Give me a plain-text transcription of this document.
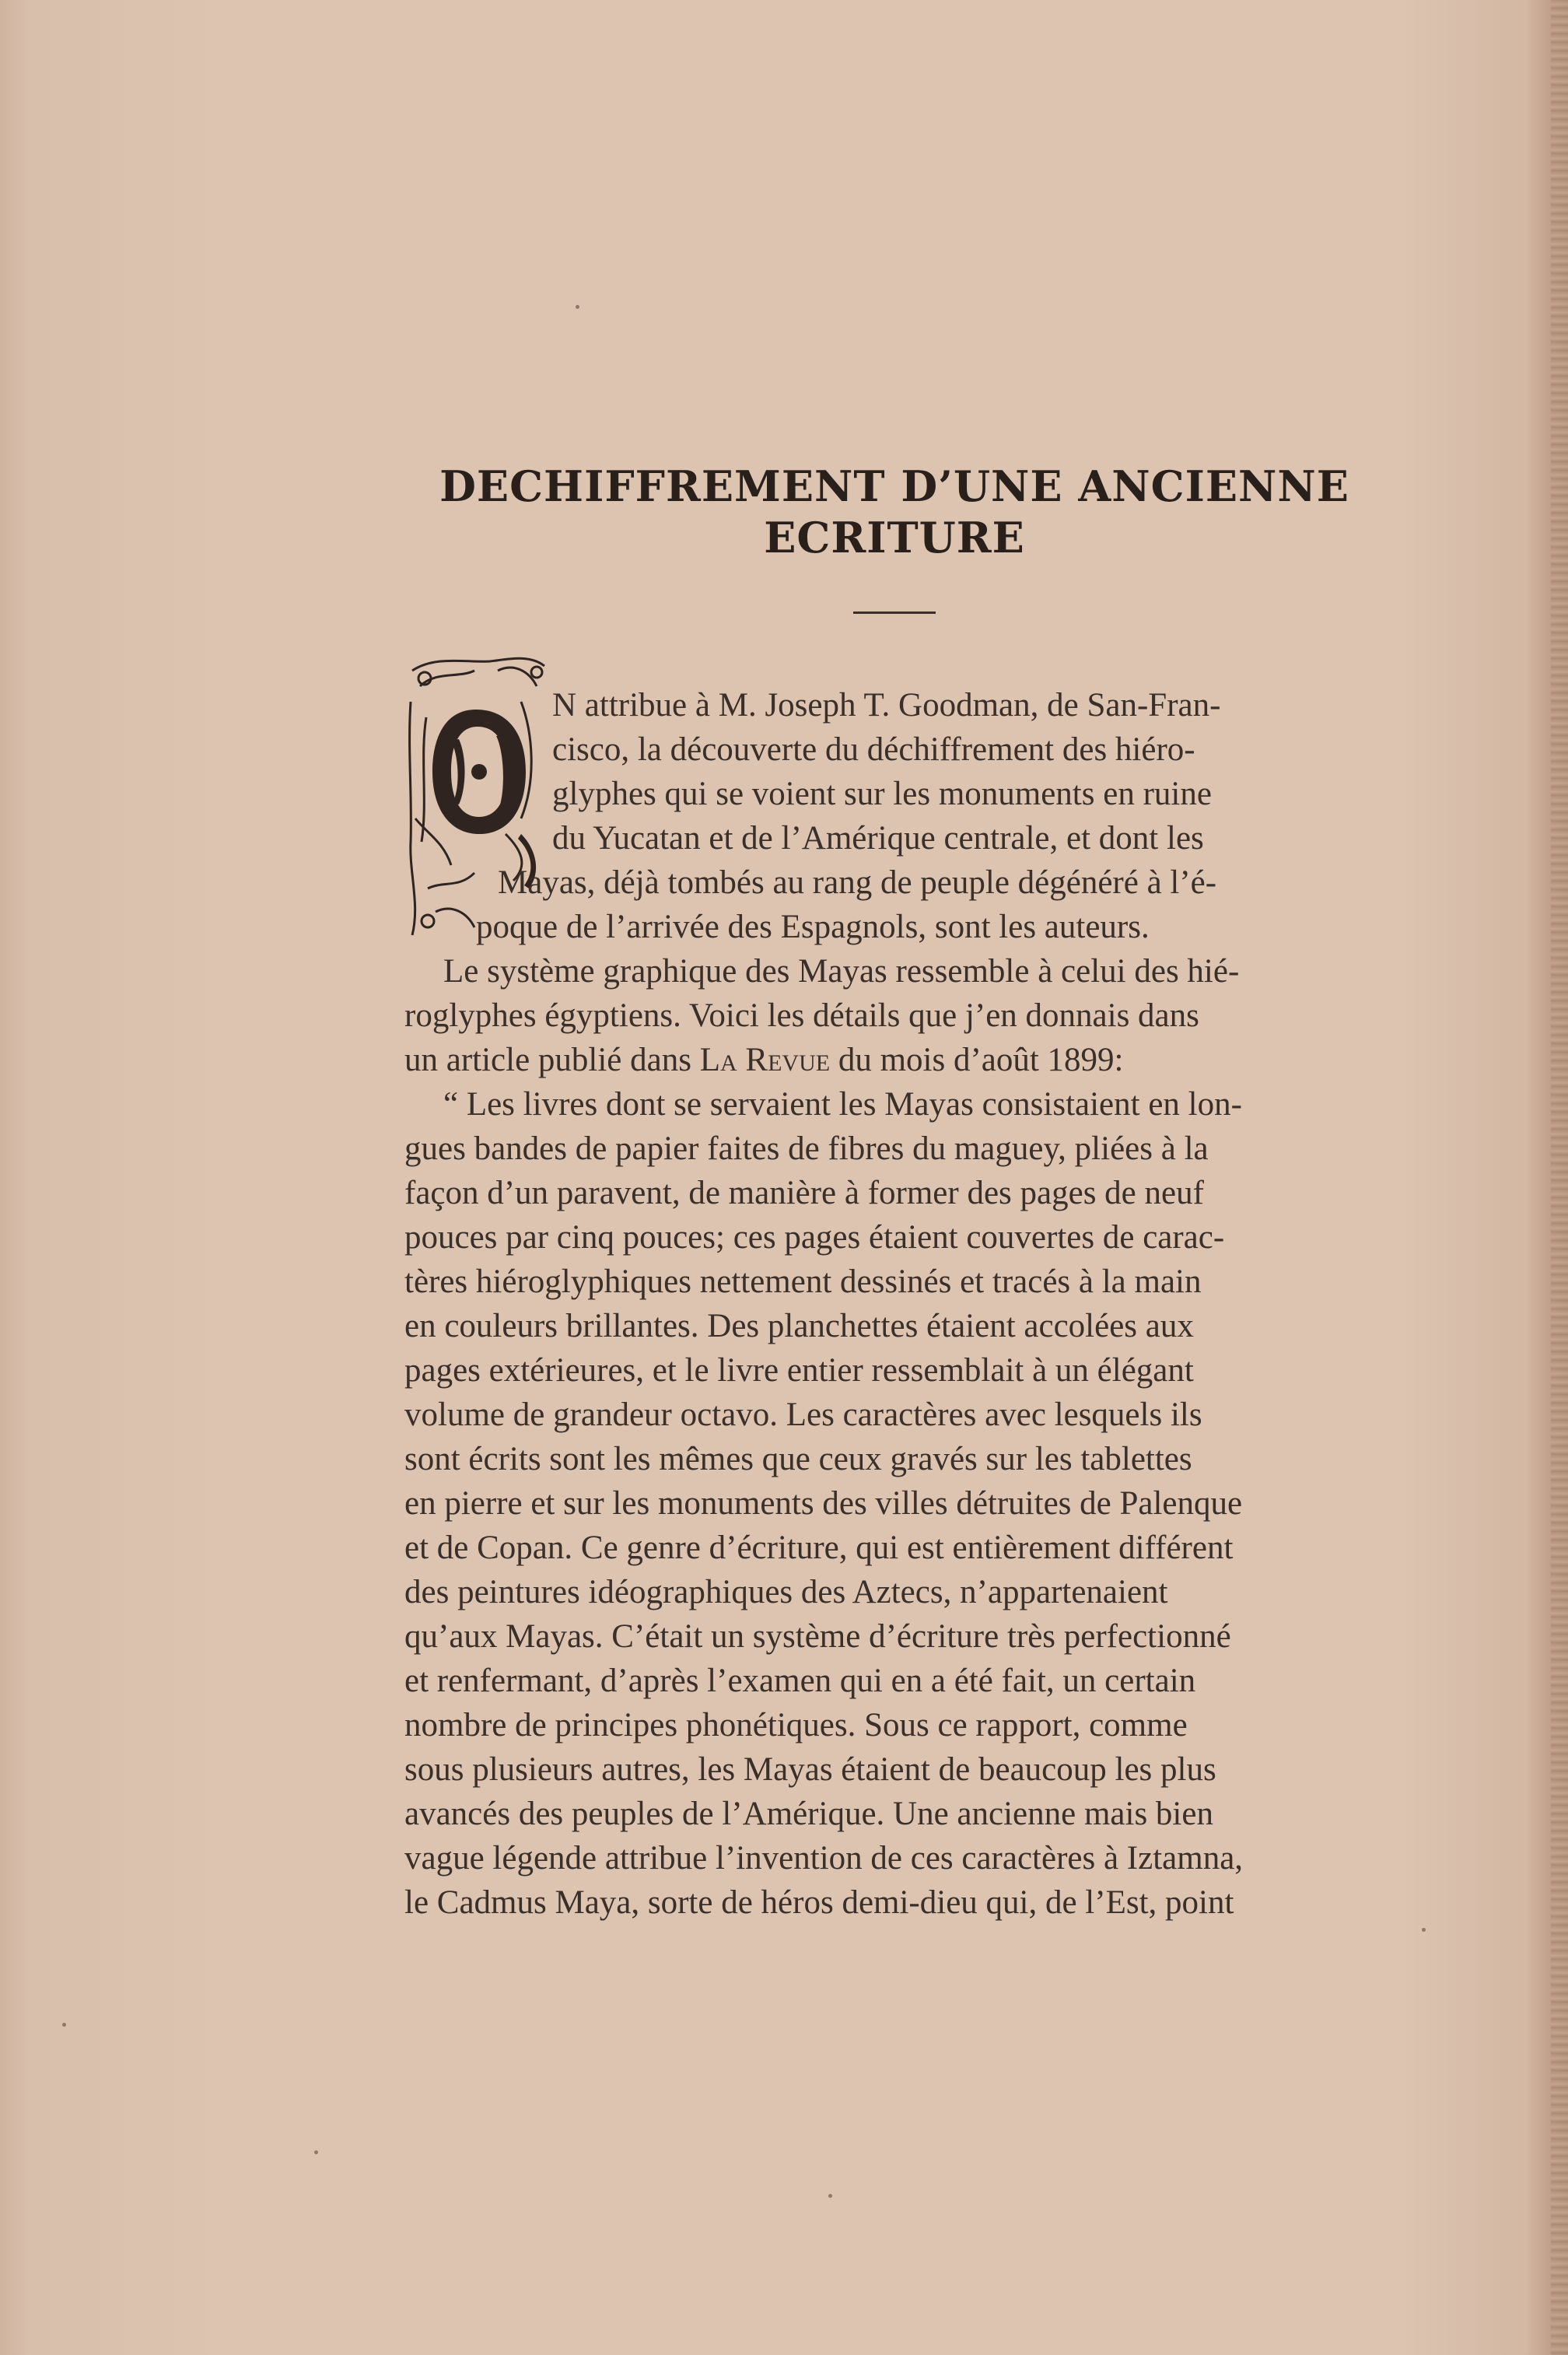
DECHIFFREMENT D’UNE ANCIENNE
ECRITURE
N attribue à M. Joseph T. Goodman, de San-Fran-
cisco, la découverte du déchiffrement des hiéro-
glyphes qui se voient sur les monuments en ruine
du Yucatan et de l’Amérique centrale, et dont les
Mayas, déjà tombés au rang de peuple dégénéré à l’é-
poque de l’arrivée des Espagnols, sont les auteurs.
Le système graphique des Mayas ressemble à celui des hié-
roglyphes égyptiens. Voici les détails que j’en donnais dans
un article publié dans La Revue du mois d’août 1899:
“ Les livres dont se servaient les Mayas consistaient en lon-
gues bandes de papier faites de fibres du maguey, pliées à la
façon d’un paravent, de manière à former des pages de neuf
pouces par cinq pouces; ces pages étaient couvertes de carac-
tères hiéroglyphiques nettement dessinés et tracés à la main
en couleurs brillantes. Des planchettes étaient accolées aux
pages extérieures, et le livre entier ressemblait à un élégant
volume de grandeur octavo. Les caractères avec lesquels ils
sont écrits sont les mêmes que ceux gravés sur les tablettes
en pierre et sur les monuments des villes détruites de Palenque
et de Copan. Ce genre d’écriture, qui est entièrement différent
des peintures idéographiques des Aztecs, n’appartenaient
qu’aux Mayas. C’était un système d’écriture très perfectionné
et renfermant, d’après l’examen qui en a été fait, un certain
nombre de principes phonétiques. Sous ce rapport, comme
sous plusieurs autres, les Mayas étaient de beaucoup les plus
avancés des peuples de l’Amérique. Une ancienne mais bien
vague légende attribue l’invention de ces caractères à Iztamna,
le Cadmus Maya, sorte de héros demi-dieu qui, de l’Est, point
